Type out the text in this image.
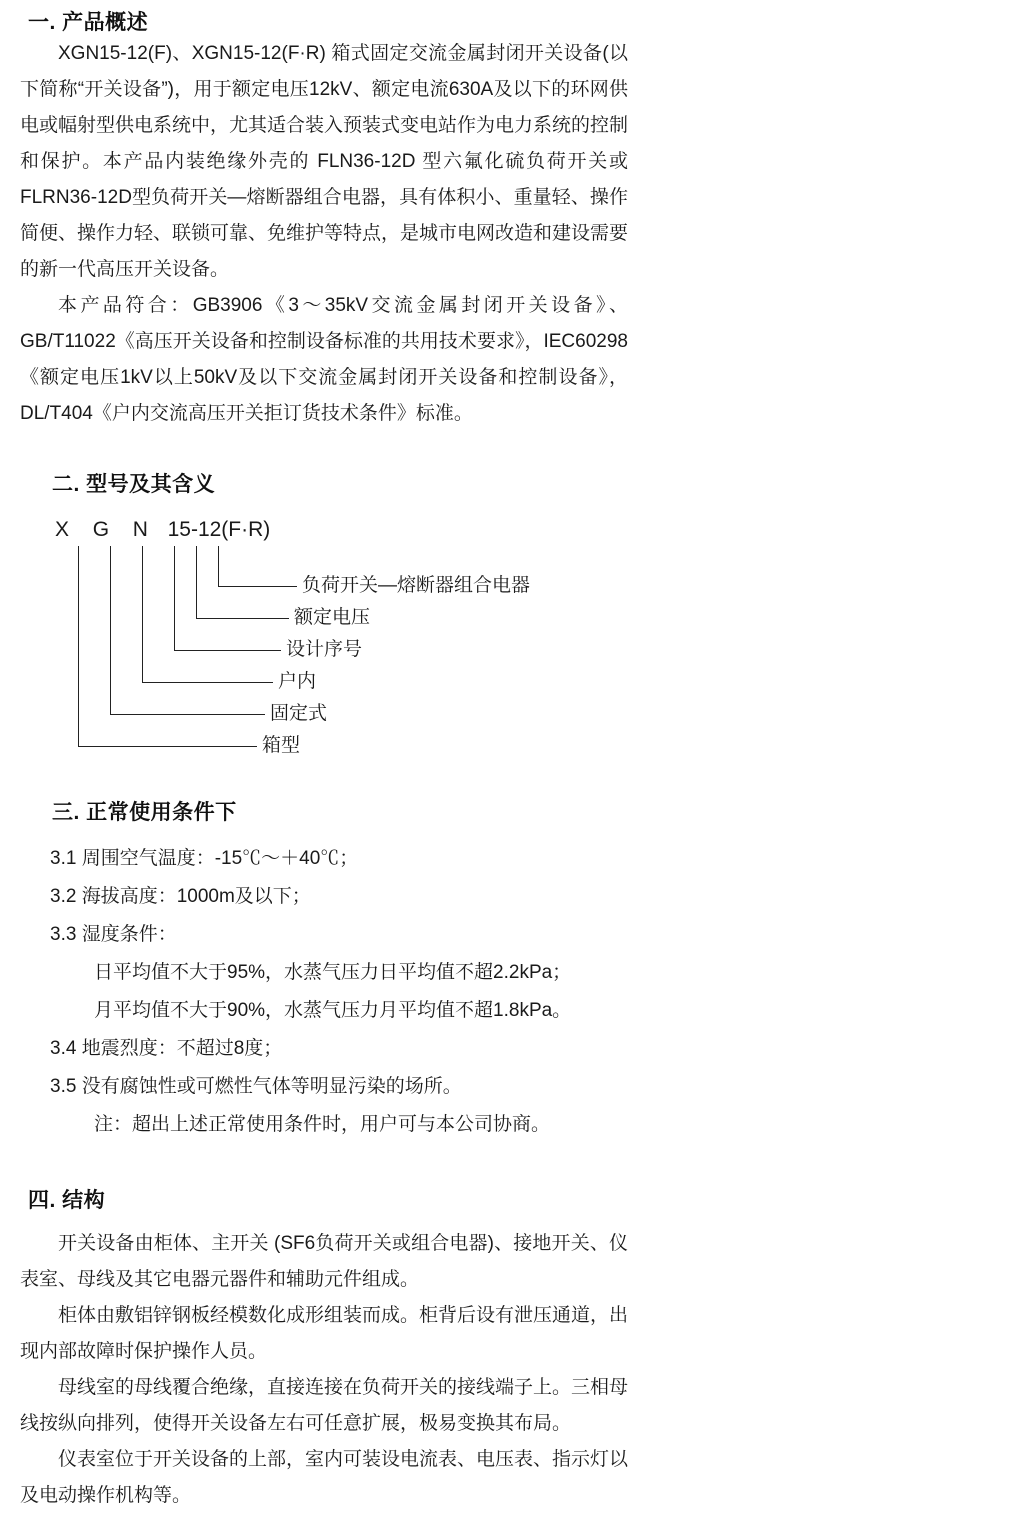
一. 产品概述

XGN15-12(F)、XGN15-12(F·R) 箱式固定交流金属封闭开关设备(以下简称“开关设备”)，用于额定电压12kV、额定电流630A及以下的环网供电或幅射型供电系统中，尤其适合装入预装式变电站作为电力系统的控制和保护。本产品内装绝缘外壳的 FLN36-12D 型六氟化硫负荷开关或FLRN36-12D型负荷开关—熔断器组合电器，具有体积小、重量轻、操作简便、操作力轻、联锁可靠、免维护等特点，是城市电网改造和建设需要的新一代高压开关设备。

本产品符合：GB3906《3～35kV交流金属封闭开关设备》、GB/T11022《高压开关设备和控制设备标准的共用技术要求》，IEC60298《额定电压1kV以上50kV及以下交流金属封闭开关设备和控制设备》，DL/T404《户内交流高压开关拒订货技术条件》标准。

二. 型号及其含义
X G N 15-12(F·R)
负荷开关—熔断器组合电器
额定电压
设计序号
户内
固定式
箱型
三. 正常使用条件下

3.1 周围空气温度：-15℃～＋40℃；

3.2 海拔高度：1000m及以下；

3.3 湿度条件：

日平均值不大于95%，水蒸气压力日平均值不超2.2kPa；

月平均值不大于90%，水蒸气压力月平均值不超1.8kPa。

3.4 地震烈度：不超过8度；

3.5 没有腐蚀性或可燃性气体等明显污染的场所。

注：超出上述正常使用条件时，用户可与本公司协商。

四. 结构

开关设备由柜体、主开关 (SF6负荷开关或组合电器)、接地开关、仪表室、母线及其它电器元器件和辅助元件组成。

柜体由敷铝锌钢板经模数化成形组装而成。柜背后设有泄压通道，出现内部故障时保护操作人员。

母线室的母线覆合绝缘，直接连接在负荷开关的接线端子上。三相母线按纵向排列，使得开关设备左右可任意扩展，极易变换其布局。

仪表室位于开关设备的上部，室内可装设电流表、电压表、指示灯以及电动操作机构等。
